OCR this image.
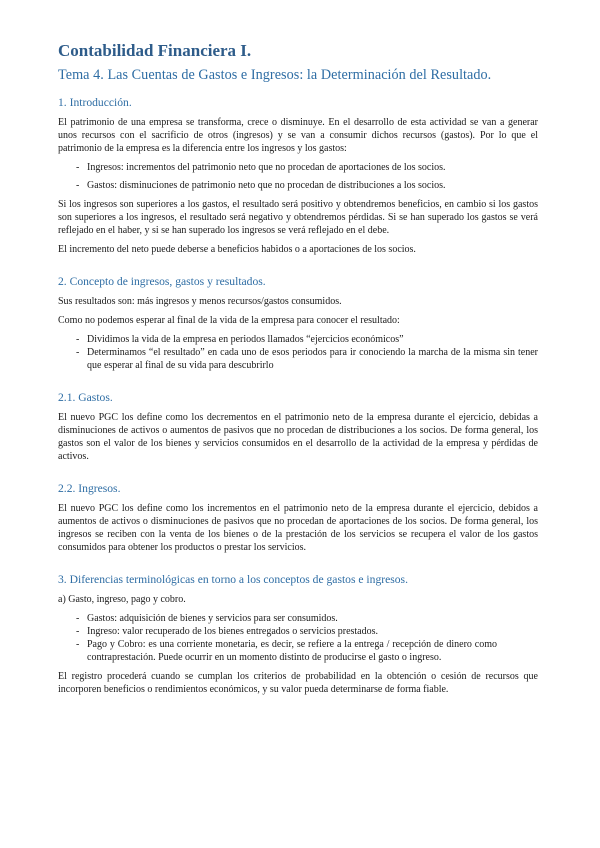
Contabilidad Financiera I.
Tema 4. Las Cuentas de Gastos e Ingresos: la Determinación del Resultado.
1. Introducción.
El patrimonio de una empresa se transforma, crece o disminuye. En el desarrollo de esta actividad se van a generar unos recursos con el sacrificio de otros (ingresos) y se van a consumir dichos recursos (gastos). Por lo que el patrimonio de la empresa es la diferencia entre los ingresos y los gastos:
- Ingresos: incrementos del patrimonio neto que no procedan de aportaciones de los socios.
- Gastos: disminuciones de patrimonio neto que no procedan de distribuciones a los socios.
Si los ingresos son superiores a los gastos, el resultado será positivo y obtendremos beneficios, en cambio si los gastos son superiores a los ingresos, el resultado será negativo y obtendremos pérdidas. Si se han superado los gastos se verá reflejado en el haber, y si se han superado los ingresos se verá reflejado en el debe.
El incremento del neto puede deberse a beneficios habidos o a aportaciones de los socios.
2. Concepto de ingresos, gastos y resultados.
Sus resultados son: más ingresos y menos recursos/gastos consumidos.
Como no podemos esperar al final de la vida de la empresa para conocer el resultado:
- Dividimos la vida de la empresa en periodos llamados “ejercicios económicos”
- Determinamos “el resultado” en cada uno de esos periodos para ir conociendo la marcha de la misma sin tener que esperar al final de su vida para descubrirlo
2.1. Gastos.
El nuevo PGC los define como los decrementos en el patrimonio neto de la empresa durante el ejercicio, debidas a disminuciones de activos o aumentos de pasivos que no procedan de distribuciones a los socios. De forma general, los gastos son el valor de los bienes y servicios consumidos en el desarrollo de la actividad de la empresa y pérdidas de activos.
2.2. Ingresos.
El nuevo PGC los define como los incrementos en el patrimonio neto de la empresa durante el ejercicio, debidos a aumentos de activos o disminuciones de pasivos que no procedan de aportaciones de los socios. De forma general, los ingresos se reciben con la venta de los bienes o de la prestación de los servicios se recupera el valor de los gastos consumidos para obtener los productos o prestar los servicios.
3. Diferencias terminológicas en torno a los conceptos de gastos e ingresos.
a) Gasto, ingreso, pago y cobro.
- Gastos: adquisición de bienes y servicios para ser consumidos.
- Ingreso: valor recuperado de los bienes entregados o servicios prestados.
- Pago y Cobro: es una corriente monetaria, es decir, se refiere a la entrega / recepción de dinero como contraprestación. Puede ocurrir en un momento distinto de producirse el gasto o ingreso.
El registro procederá cuando se cumplan los criterios de probabilidad en la obtención o cesión de recursos que incorporen beneficios o rendimientos económicos, y su valor pueda determinarse de forma fiable.
